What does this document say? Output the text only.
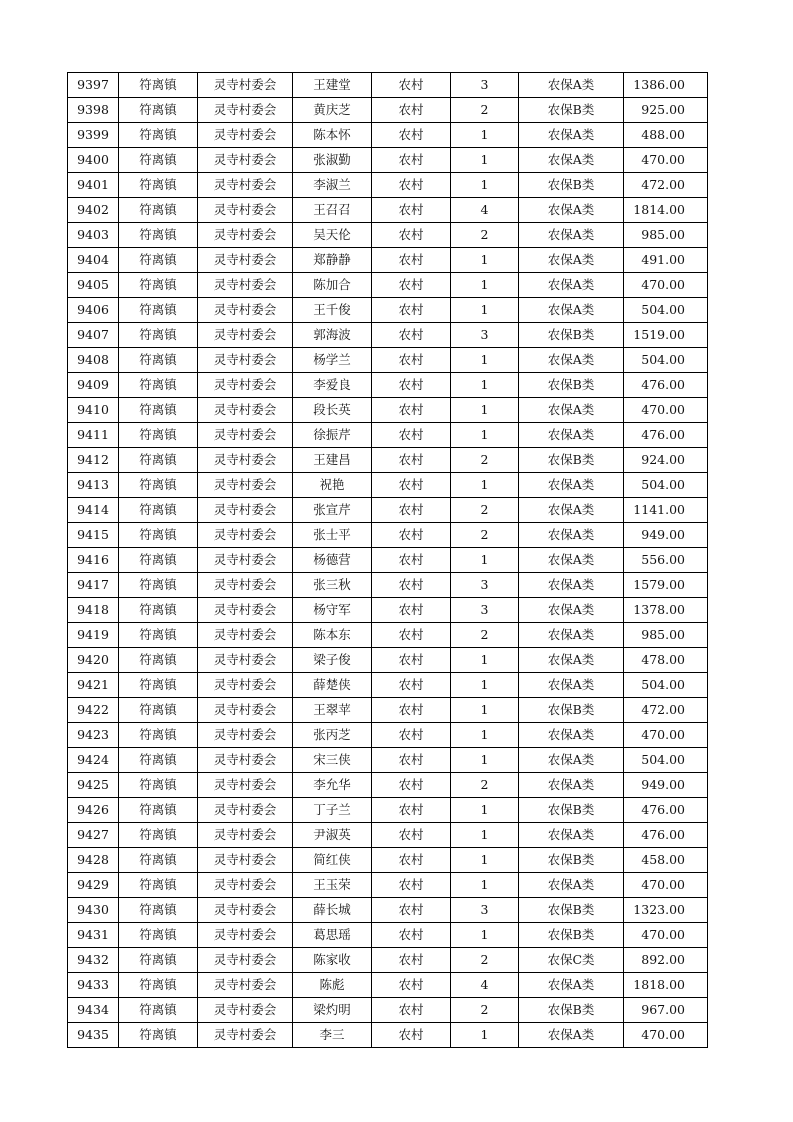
9397	符离镇	灵寺村委会	王建堂	农村	3	农保A类	1386.00
9398	符离镇	灵寺村委会	黄庆芝	农村	2	农保B类	925.00
9399	符离镇	灵寺村委会	陈本怀	农村	1	农保A类	488.00
9400	符离镇	灵寺村委会	张淑勤	农村	1	农保A类	470.00
9401	符离镇	灵寺村委会	李淑兰	农村	1	农保B类	472.00
9402	符离镇	灵寺村委会	王召召	农村	4	农保A类	1814.00
9403	符离镇	灵寺村委会	吴天伦	农村	2	农保A类	985.00
9404	符离镇	灵寺村委会	郑静静	农村	1	农保A类	491.00
9405	符离镇	灵寺村委会	陈加合	农村	1	农保A类	470.00
9406	符离镇	灵寺村委会	王千俊	农村	1	农保A类	504.00
9407	符离镇	灵寺村委会	郭海波	农村	3	农保B类	1519.00
9408	符离镇	灵寺村委会	杨学兰	农村	1	农保A类	504.00
9409	符离镇	灵寺村委会	李爱良	农村	1	农保B类	476.00
9410	符离镇	灵寺村委会	段长英	农村	1	农保A类	470.00
9411	符离镇	灵寺村委会	徐振芹	农村	1	农保A类	476.00
9412	符离镇	灵寺村委会	王建昌	农村	2	农保B类	924.00
9413	符离镇	灵寺村委会	祝艳	农村	1	农保A类	504.00
9414	符离镇	灵寺村委会	张宣芹	农村	2	农保A类	1141.00
9415	符离镇	灵寺村委会	张士平	农村	2	农保A类	949.00
9416	符离镇	灵寺村委会	杨德营	农村	1	农保A类	556.00
9417	符离镇	灵寺村委会	张三秋	农村	3	农保A类	1579.00
9418	符离镇	灵寺村委会	杨守军	农村	3	农保A类	1378.00
9419	符离镇	灵寺村委会	陈本东	农村	2	农保A类	985.00
9420	符离镇	灵寺村委会	梁子俊	农村	1	农保A类	478.00
9421	符离镇	灵寺村委会	薛楚侠	农村	1	农保A类	504.00
9422	符离镇	灵寺村委会	王翠苹	农村	1	农保B类	472.00
9423	符离镇	灵寺村委会	张丙芝	农村	1	农保A类	470.00
9424	符离镇	灵寺村委会	宋三侠	农村	1	农保A类	504.00
9425	符离镇	灵寺村委会	李允华	农村	2	农保A类	949.00
9426	符离镇	灵寺村委会	丁子兰	农村	1	农保B类	476.00
9427	符离镇	灵寺村委会	尹淑英	农村	1	农保A类	476.00
9428	符离镇	灵寺村委会	简红侠	农村	1	农保B类	458.00
9429	符离镇	灵寺村委会	王玉荣	农村	1	农保A类	470.00
9430	符离镇	灵寺村委会	薛长城	农村	3	农保B类	1323.00
9431	符离镇	灵寺村委会	葛思瑶	农村	1	农保B类	470.00
9432	符离镇	灵寺村委会	陈家收	农村	2	农保C类	892.00
9433	符离镇	灵寺村委会	陈彪	农村	4	农保A类	1818.00
9434	符离镇	灵寺村委会	梁灼明	农村	2	农保B类	967.00
9435	符离镇	灵寺村委会	李三	农村	1	农保A类	470.00
